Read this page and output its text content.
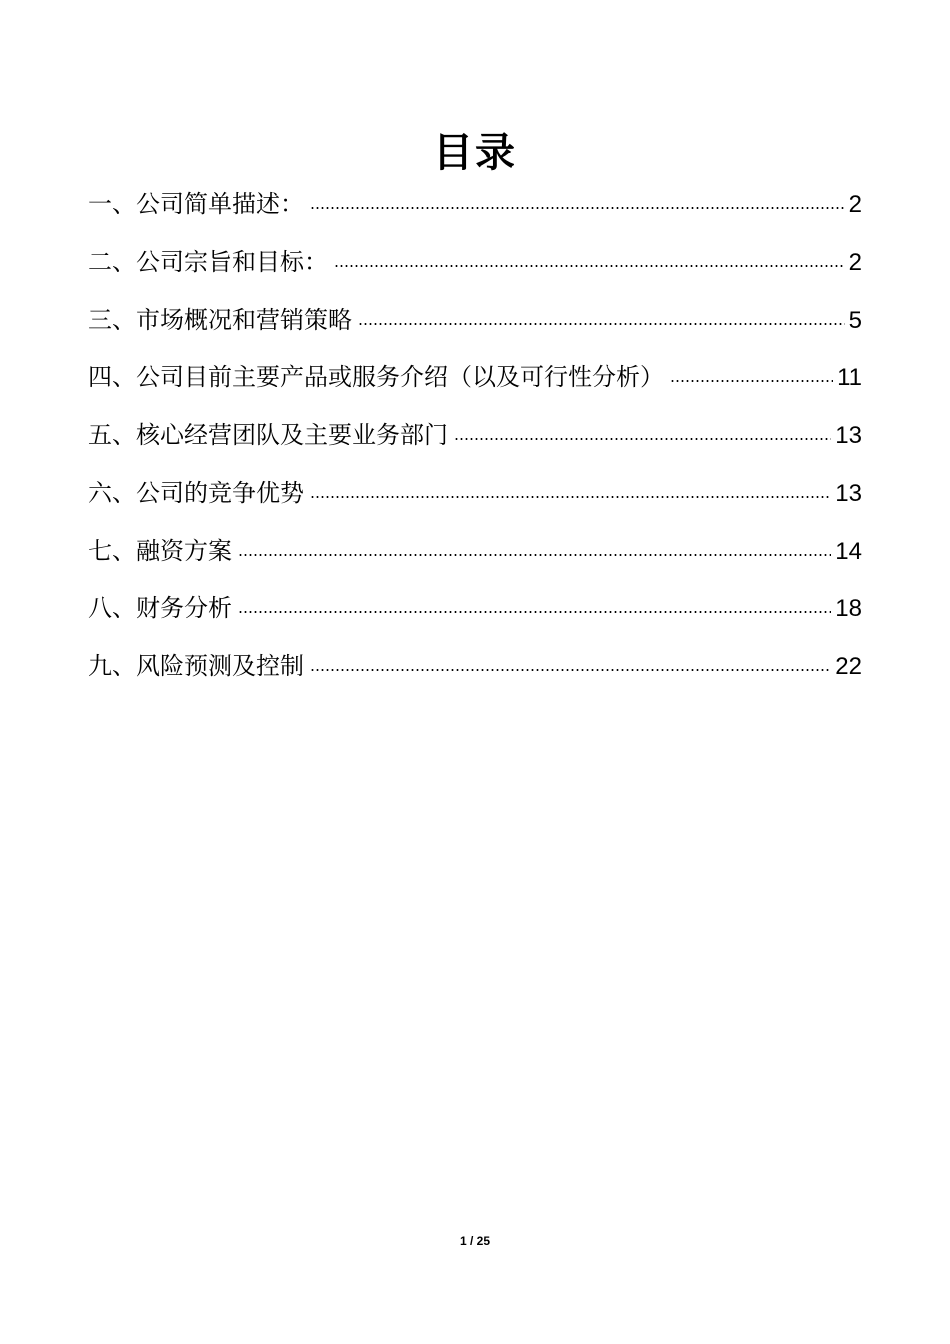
目录
一、公司简单描述：	2
二、公司宗旨和目标：	2
三、市场概况和营销策略	5
四、公司目前主要产品或服务介绍（以及可行性分析）	11
五、核心经营团队及主要业务部门	13
六、公司的竞争优势	13
七、融资方案	14
八、财务分析	18
九、风险预测及控制	22
1 / 25
